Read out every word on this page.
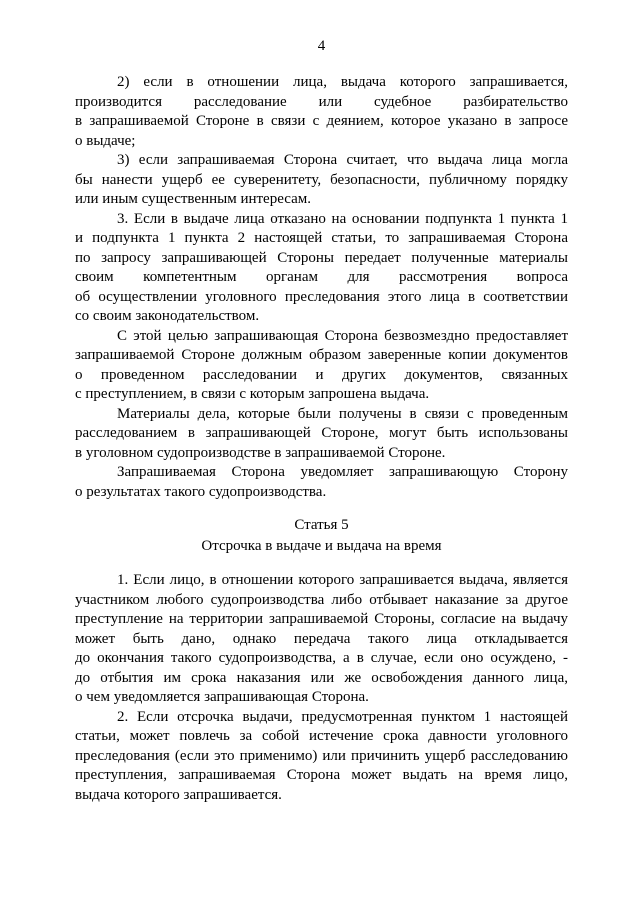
4
2) если в отношении лица, выдача которого запрашивается,
производится расследование или судебное разбирательство
в запрашиваемой Стороне в связи с деянием, которое указано в запросе
о выдаче;
3) если запрашиваемая Сторона считает, что выдача лица могла
бы нанести ущерб ее суверенитету, безопасности, публичному порядку
или иным существенным интересам.
3. Если в выдаче лица отказано на основании подпункта 1 пункта 1
и подпункта 1 пункта 2 настоящей статьи, то запрашиваемая Сторона
по запросу запрашивающей Стороны передает полученные материалы
своим компетентным органам для рассмотрения вопроса
об осуществлении уголовного преследования этого лица в соответствии
со своим законодательством.
С этой целью запрашивающая Сторона безвозмездно предоставляет
запрашиваемой Стороне должным образом заверенные копии документов
о проведенном расследовании и других документов, связанных
с преступлением, в связи с которым запрошена выдача.
Материалы дела, которые были получены в связи с проведенным
расследованием в запрашивающей Стороне, могут быть использованы
в уголовном судопроизводстве в запрашиваемой Стороне.
Запрашиваемая Сторона уведомляет запрашивающую Сторону
о результатах такого судопроизводства.
Статья 5
Отсрочка в выдаче и выдача на время
1. Если лицо, в отношении которого запрашивается выдача, является
участником любого судопроизводства либо отбывает наказание за другое
преступление на территории запрашиваемой Стороны, согласие на выдачу
может быть дано, однако передача такого лица откладывается
до окончания такого судопроизводства, а в случае, если оно осуждено, -
до отбытия им срока наказания или же освобождения данного лица,
о чем уведомляется запрашивающая Сторона.
2. Если отсрочка выдачи, предусмотренная пунктом 1 настоящей
статьи, может повлечь за собой истечение срока давности уголовного
преследования (если это применимо) или причинить ущерб расследованию
преступления, запрашиваемая Сторона может выдать на время лицо,
выдача которого запрашивается.
